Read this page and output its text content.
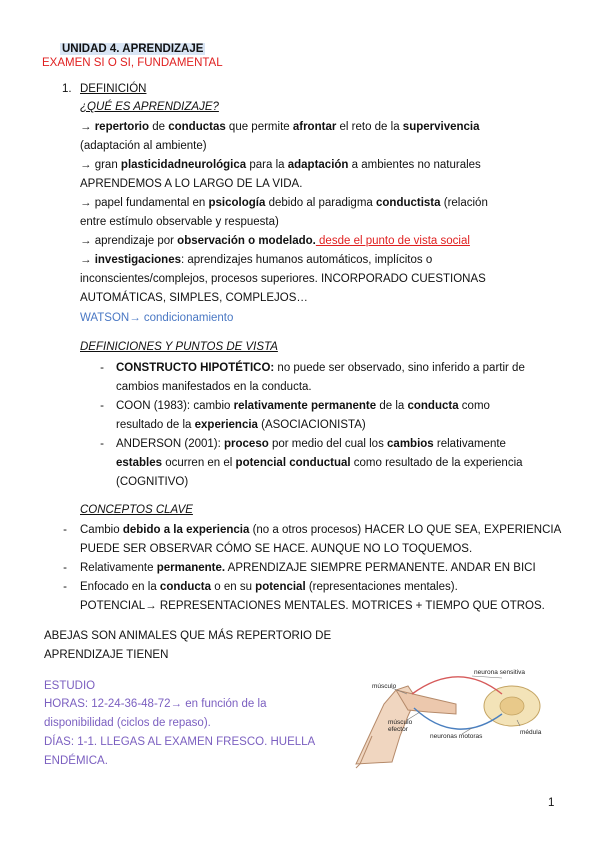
UNIDAD 4. APRENDIZAJE
EXAMEN SI O SI, FUNDAMENTAL
1. DEFINICIÓN
¿QUÉ ES APRENDIZAJE?
→ repertorio de conductas que permite afrontar el reto de la supervivencia
(adaptación al ambiente)
→ gran plasticidadneurológica para la adaptación a ambientes no naturales
APRENDEMOS A LO LARGO DE LA VIDA.
→ papel fundamental en psicología debido al paradigma conductista (relación
entre estímulo observable y respuesta)
→ aprendizaje por observación o modelado. desde el punto de vista social
→ investigaciones: aprendizajes humanos automáticos, implícitos o
inconscientes/complejos, procesos superiores. INCORPORADO CUESTIONAS
AUTOMÁTICAS, SIMPLES, COMPLEJOS…
WATSON→ condicionamiento
DEFINICIONES Y PUNTOS DE VISTA
- CONSTRUCTO HIPOTÉTICO: no puede ser observado, sino inferido a partir de
cambios manifestados en la conducta.
- COON (1983): cambio relativamente permanente de la conducta como
resultado de la experiencia (ASOCIACIONISTA)
- ANDERSON (2001): proceso por medio del cual los cambios relativamente
estables ocurren en el potencial conductual como resultado de la experiencia
(COGNITIVO)
CONCEPTOS CLAVE
- Cambio debido a la experiencia (no a otros procesos) HACER LO QUE SEA, EXPERIENCIA
PUEDE SER OBSERVAR CÓMO SE HACE. AUNQUE NO LO TOQUEMOS.
- Relativamente permanente. APRENDIZAJE SIEMPRE PERMANENTE. ANDAR EN BICI
- Enfocado en la conducta o en su potencial (representaciones mentales).
POTENCIAL→ REPRESENTACIONES MENTALES. MOTRICES + TIEMPO QUE OTROS.
ABEJAS SON ANIMALES QUE MÁS REPERTORIO DE
APRENDIZAJE TIENEN
ESTUDIO
HORAS: 12-24-36-48-72→ en función de la
disponibilidad (ciclos de repaso).
DÍAS: 1-1. LLEGAS AL EXAMEN FRESCO. HUELLA
ENDÉMICA.
neurona sensitiva
músculo
músculo
efector
neuronas motoras
médula
1
